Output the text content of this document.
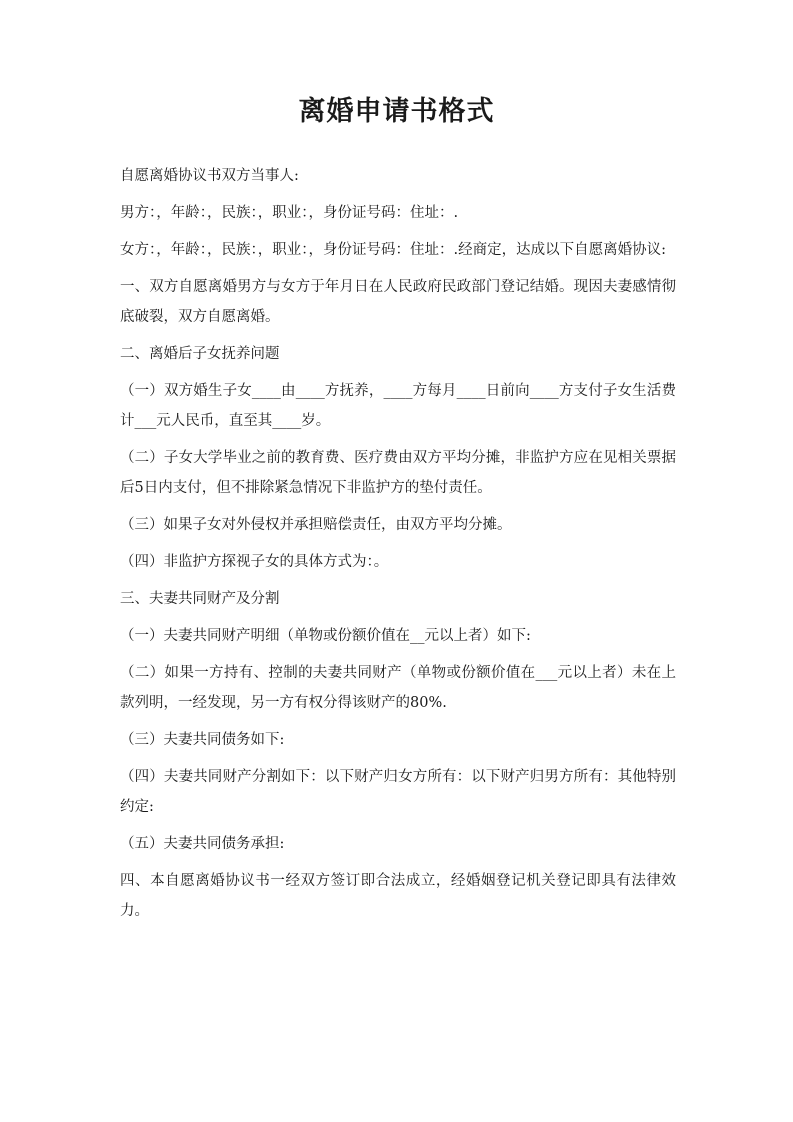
离婚申请书格式

自愿离婚协议书双方当事人:

男方：，年龄：，民族：，职业：，身份证号码：住址：.

女方：，年龄：，民族：，职业：，身份证号码：住址：.经商定，达成以下自愿离婚协议:

一、双方自愿离婚男方与女方于年月日在人民政府民政部门登记结婚。现因夫妻感情彻底破裂，双方自愿离婚。

二、离婚后子女抚养问题

（一）双方婚生子女____由____方抚养，____方每月____日前向____方支付子女生活费计___元人民币，直至其____岁。

（二）子女大学毕业之前的教育费、医疗费由双方平均分摊，非监护方应在见相关票据后5日内支付，但不排除紧急情况下非监护方的垫付责任。

（三）如果子女对外侵权并承担赔偿责任，由双方平均分摊。

（四）非监护方探视子女的具体方式为：。

三、夫妻共同财产及分割

（一）夫妻共同财产明细（单物或份额价值在__元以上者）如下:

（二）如果一方持有、控制的夫妻共同财产（单物或份额价值在___元以上者）未在上款列明，一经发现，另一方有权分得该财产的80%.

（三）夫妻共同债务如下:

（四）夫妻共同财产分割如下：以下财产归女方所有：以下财产归男方所有：其他特别约定:

（五）夫妻共同债务承担:

四、本自愿离婚协议书一经双方签订即合法成立，经婚姻登记机关登记即具有法律效力。
